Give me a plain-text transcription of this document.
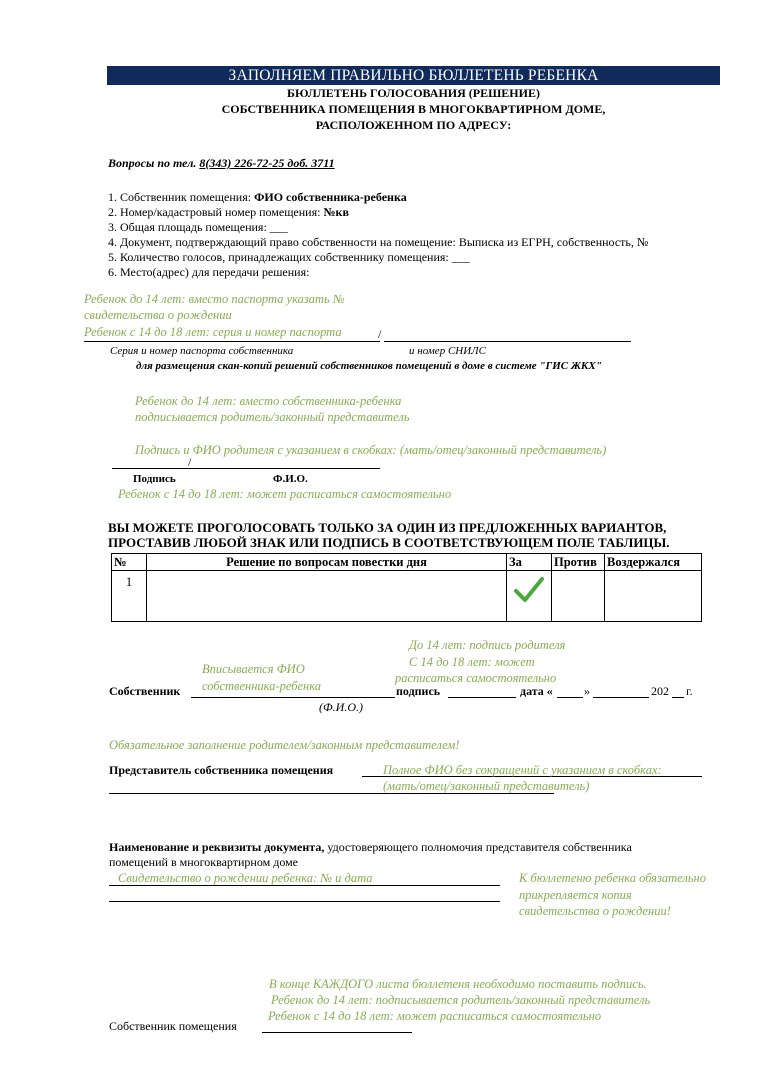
ЗАПОЛНЯЕМ ПРАВИЛЬНО БЮЛЛЕТЕНЬ РЕБЕНКА
БЮЛЛЕТЕНЬ ГОЛОСОВАНИЯ (РЕШЕНИЕ)
СОБСТВЕННИКА ПОМЕЩЕНИЯ В МНОГОКВАРТИРНОМ ДОМЕ,
РАСПОЛОЖЕННОМ ПО АДРЕСУ:
Вопросы по тел. 8(343) 226-72-25 доб. 3711
1. Собственник помещения: ФИО собственника-ребенка
2. Номер/кадастровый номер помещения: №кв
3. Общая площадь помещения: ___
4. Документ, подтверждающий право собственности на помещение: Выписка из ЕГРН, собственность, №
5. Количество голосов, принадлежащих собственнику помещения: ___
6. Место(адрес) для передачи решения:
Ребенок до 14 лет: вместо паспорта указать №
свидетельства о рождении
Ребенок с 14 до 18 лет: серия и номер паспорта	/
Серия и номер паспорта собственника	и номер СНИЛС
для размещения скан-копий решений собственников помещений в доме в системе "ГИС ЖКХ"
Ребенок до 14 лет: вместо собственника-ребенка
подписывается родитель/законный представитель
Подпись и ФИО родителя с указанием в скобках: (мать/отец/законный представитель)
/
Подпись	Ф.И.О.
Ребенок с 14 до 18 лет: может расписаться самостоятельно
ВЫ МОЖЕТЕ ПРОГОЛОСОВАТЬ ТОЛЬКО ЗА ОДИН ИЗ ПРЕДЛОЖЕННЫХ ВАРИАНТОВ,
ПРОСТАВИВ ЛЮБОЙ ЗНАК ИЛИ ПОДПИСЬ В СООТВЕТСТВУЮЩЕМ ПОЛЕ ТАБЛИЦЫ.
№	Решение по вопросам повестки дня	За	Против	Воздержался
1		

До 14 лет: подпись родителя
С 14 до 18 лет: может
расписаться самостоятельно
Вписывается ФИО
собственника-ребенка
Собственник	подпись	дата «	»	202 г.
(Ф.И.О.)
Обязательное заполнение родителем/законным представителем!
Представитель собственника помещения	Полное ФИО без сокращений с указанием в скобках:
(мать/отец/законный представитель)
Наименование и реквизиты документа, удостоверяющего полномочия представителя собственника
помещений в многоквартирном доме
Свидетельство о рождении ребенка: № и дата	К бюллетеню ребенка обязательно
прикрепляется копия
свидетельства о рождении!
В конце КАЖДОГО листа бюллетеня необходимо поставить подпись.
Ребенок до 14 лет: подписывается родитель/законный представитель
Ребенок с 14 до 18 лет: может расписаться самостоятельно
Собственник помещения
